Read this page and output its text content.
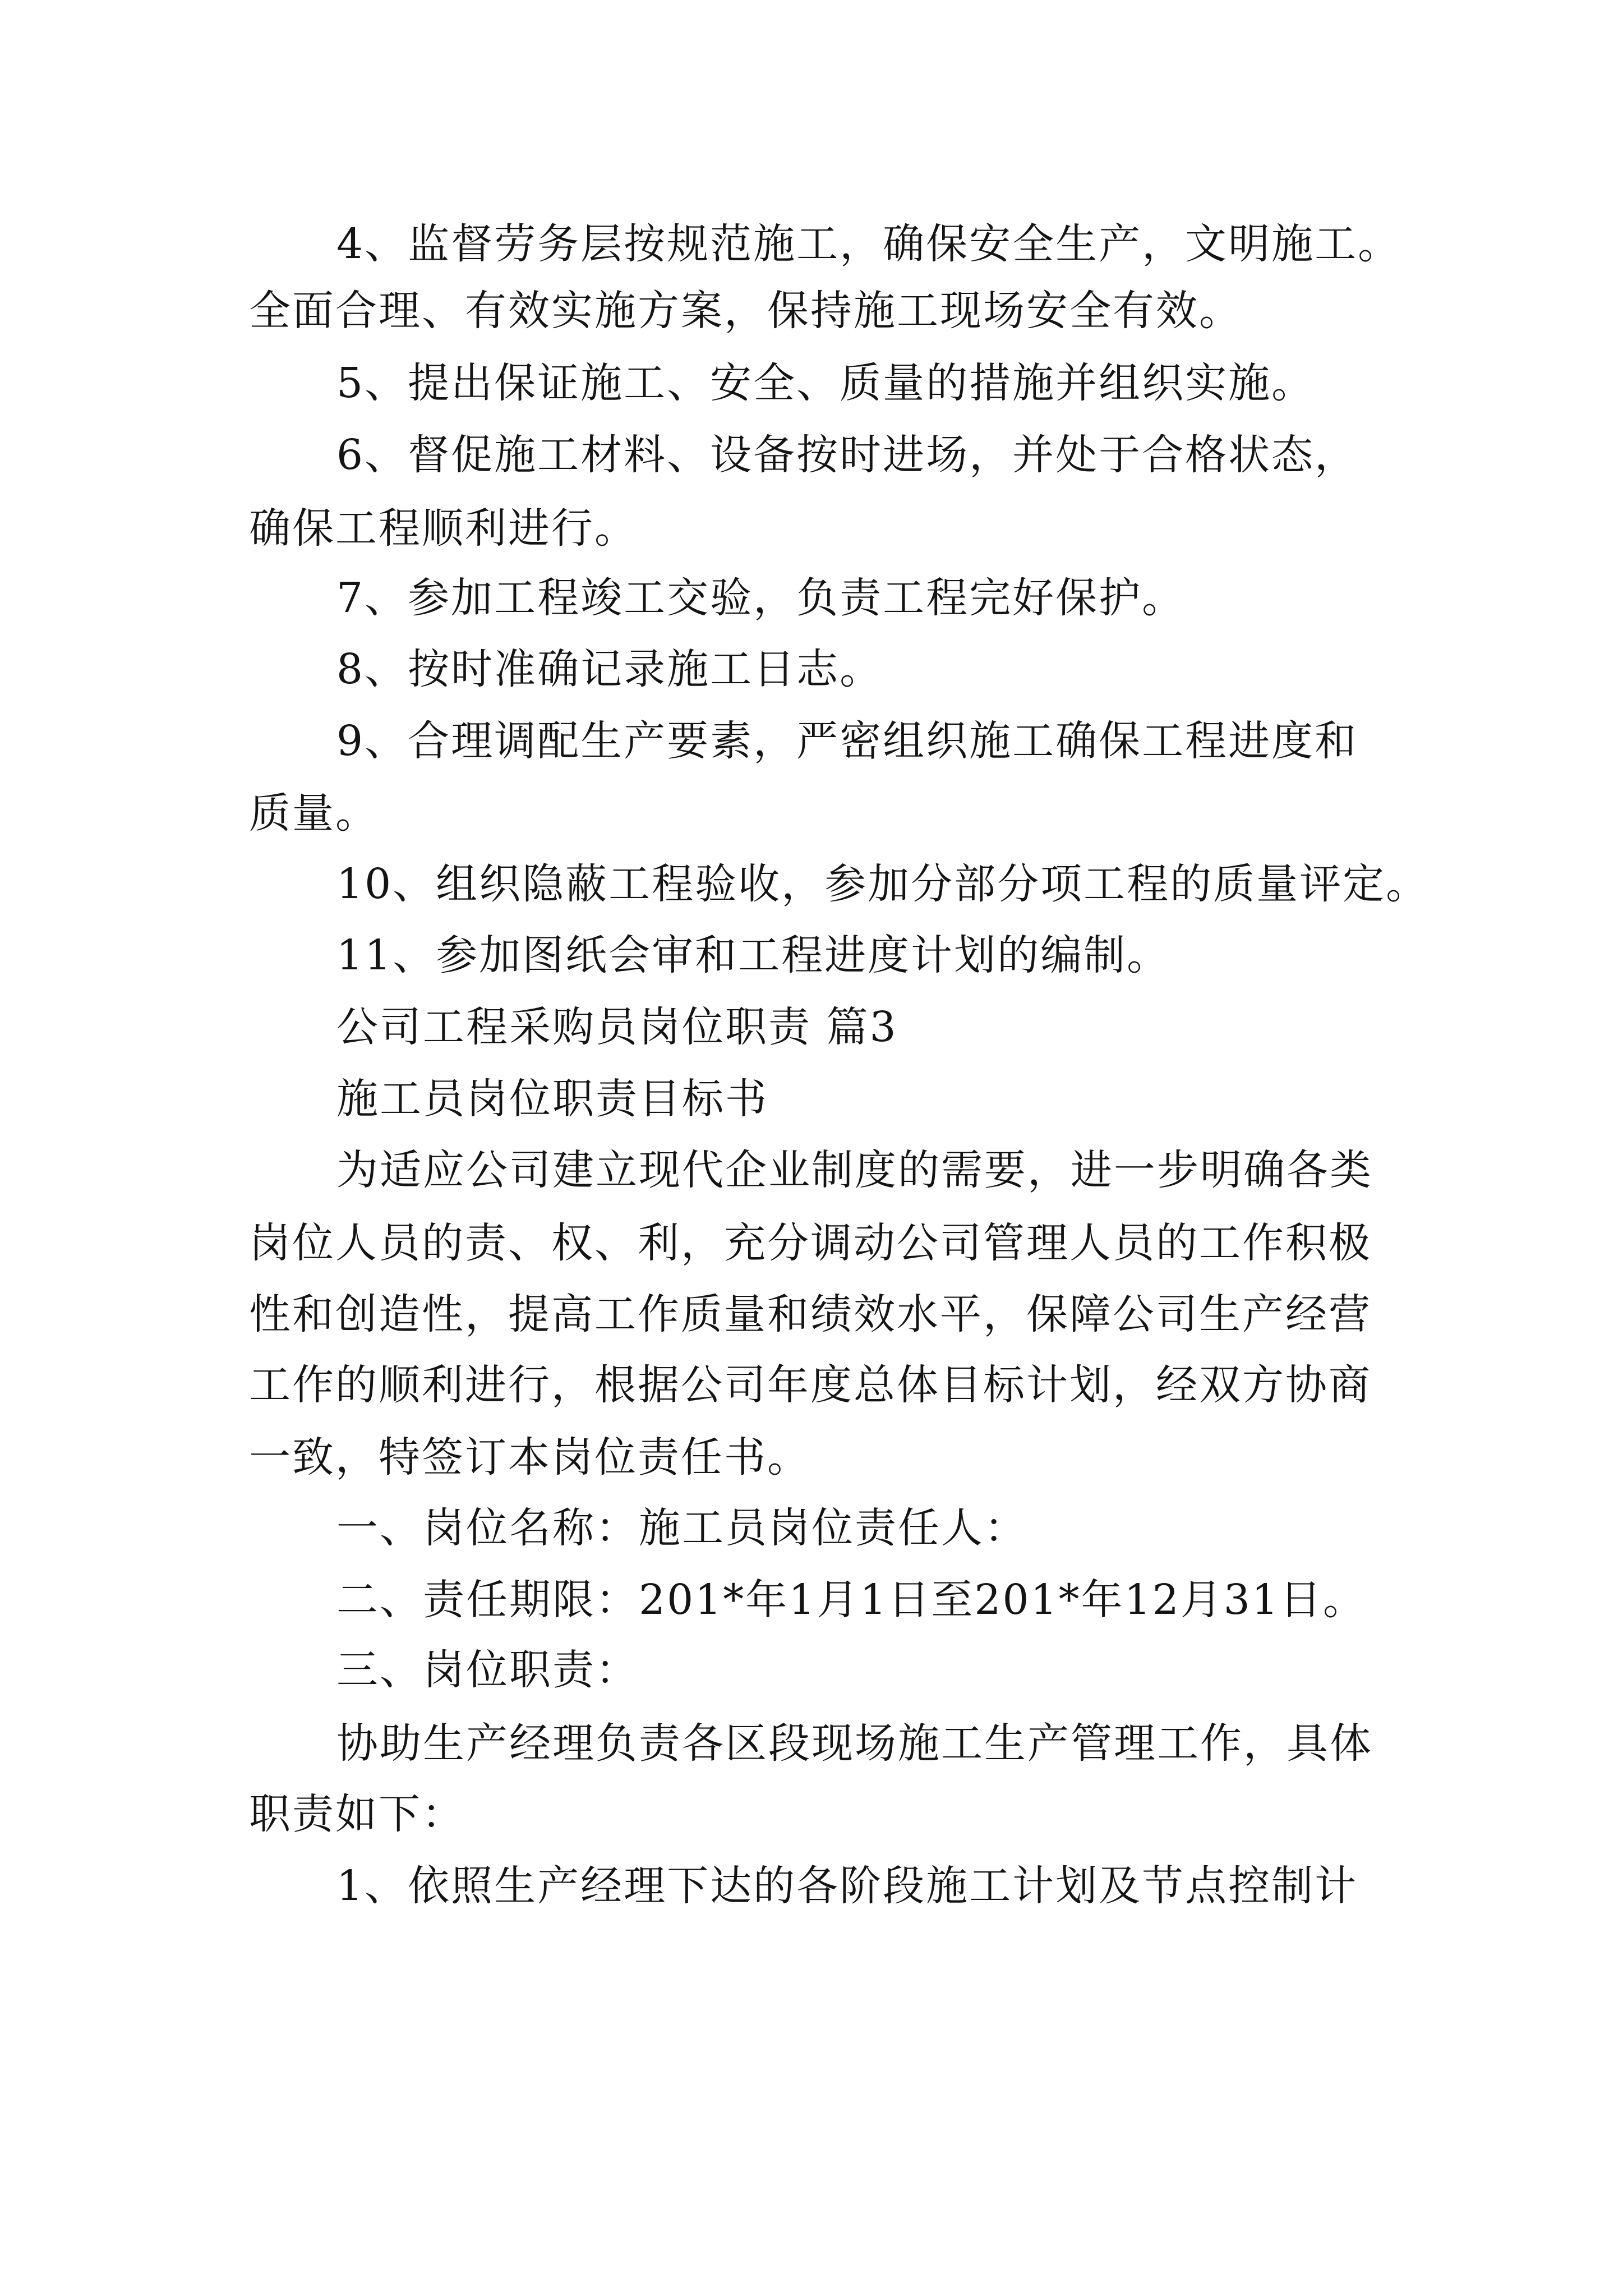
4、监督劳务层按规范施工，确保安全生产，文明施工。

全面合理、有效实施方案，保持施工现场安全有效。

5、提出保证施工、安全、质量的措施并组织实施。

6、督促施工材料、设备按时进场，并处于合格状态，

确保工程顺利进行。

7、参加工程竣工交验，负责工程完好保护。

8、按时准确记录施工日志。

9、合理调配生产要素，严密组织施工确保工程进度和

质量。

10、组织隐蔽工程验收，参加分部分项工程的质量评定。

11、参加图纸会审和工程进度计划的编制。

公司工程采购员岗位职责 篇3

施工员岗位职责目标书

为适应公司建立现代企业制度的需要，进一步明确各类

岗位人员的责、权、利，充分调动公司管理人员的工作积极

性和创造性，提高工作质量和绩效水平，保障公司生产经营

工作的顺利进行，根据公司年度总体目标计划，经双方协商

一致，特签订本岗位责任书。

一、岗位名称：施工员岗位责任人：

二、责任期限：201*年1月1日至201*年12月31日。

三、岗位职责：

协助生产经理负责各区段现场施工生产管理工作，具体

职责如下：

1、依照生产经理下达的各阶段施工计划及节点控制计
